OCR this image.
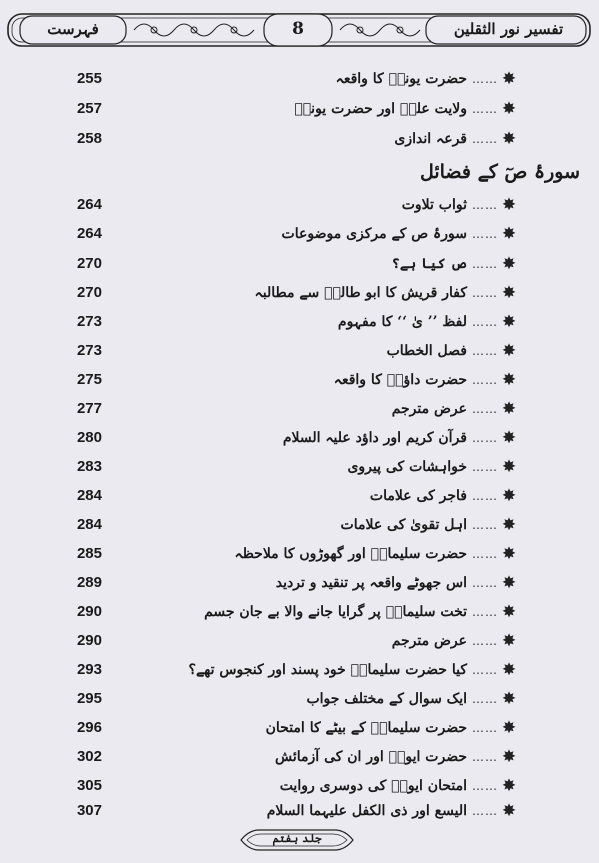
فہرست	8	تفسیر نور الثقلین
255	حضرت یونسؑ کا واقعہ …… ✸
257	ولایت علیؑ اور حضرت یونسؑ …… ✸
258	قرعہ اندازی …… ✸
سورۂ صٓ کے فضائل
264	ثواب تلاوت …… ✸
264	سورۂ ص کے مرکزی موضوعات …… ✸
270	ص کیا ہے؟ …… ✸
270	کفار قریش کا ابو طالبؑ سے مطالبہ …… ✸
273	لفظ ’’ یٰ ‘‘ کا مفہوم …… ✸
273	فصل الخطاب …… ✸
275	حضرت داؤدؑ کا واقعہ …… ✸
277	عرض مترجم …… ✸
280	قرآن کریم اور داؤد علیہ السلام …… ✸
283	خواہشات کی پیروی …… ✸
284	فاجر کی علامات …… ✸
284	اہل تقویٰ کی علامات …… ✸
285	حضرت سلیمانؑ اور گھوڑوں کا ملاحظہ …… ✸
289	اس جھوٹے واقعہ پر تنقید و تردید …… ✸
290	تخت سلیمانؑ پر گرایا جانے والا بے جان جسم …… ✸
290	عرض مترجم …… ✸
293	کیا حضرت سلیمانؑ خود پسند اور کنجوس تھے؟ …… ✸
295	ایک سوال کے مختلف جواب …… ✸
296	حضرت سلیمانؑ کے بیٹے کا امتحان …… ✸
302	حضرت ایوبؑ اور ان کی آزمائش …… ✸
305	امتحان ایوبؑ کی دوسری روایت …… ✸
307	الیسع اور ذی الکفل علیہما السلام …… ✸
جلد ہفتم
